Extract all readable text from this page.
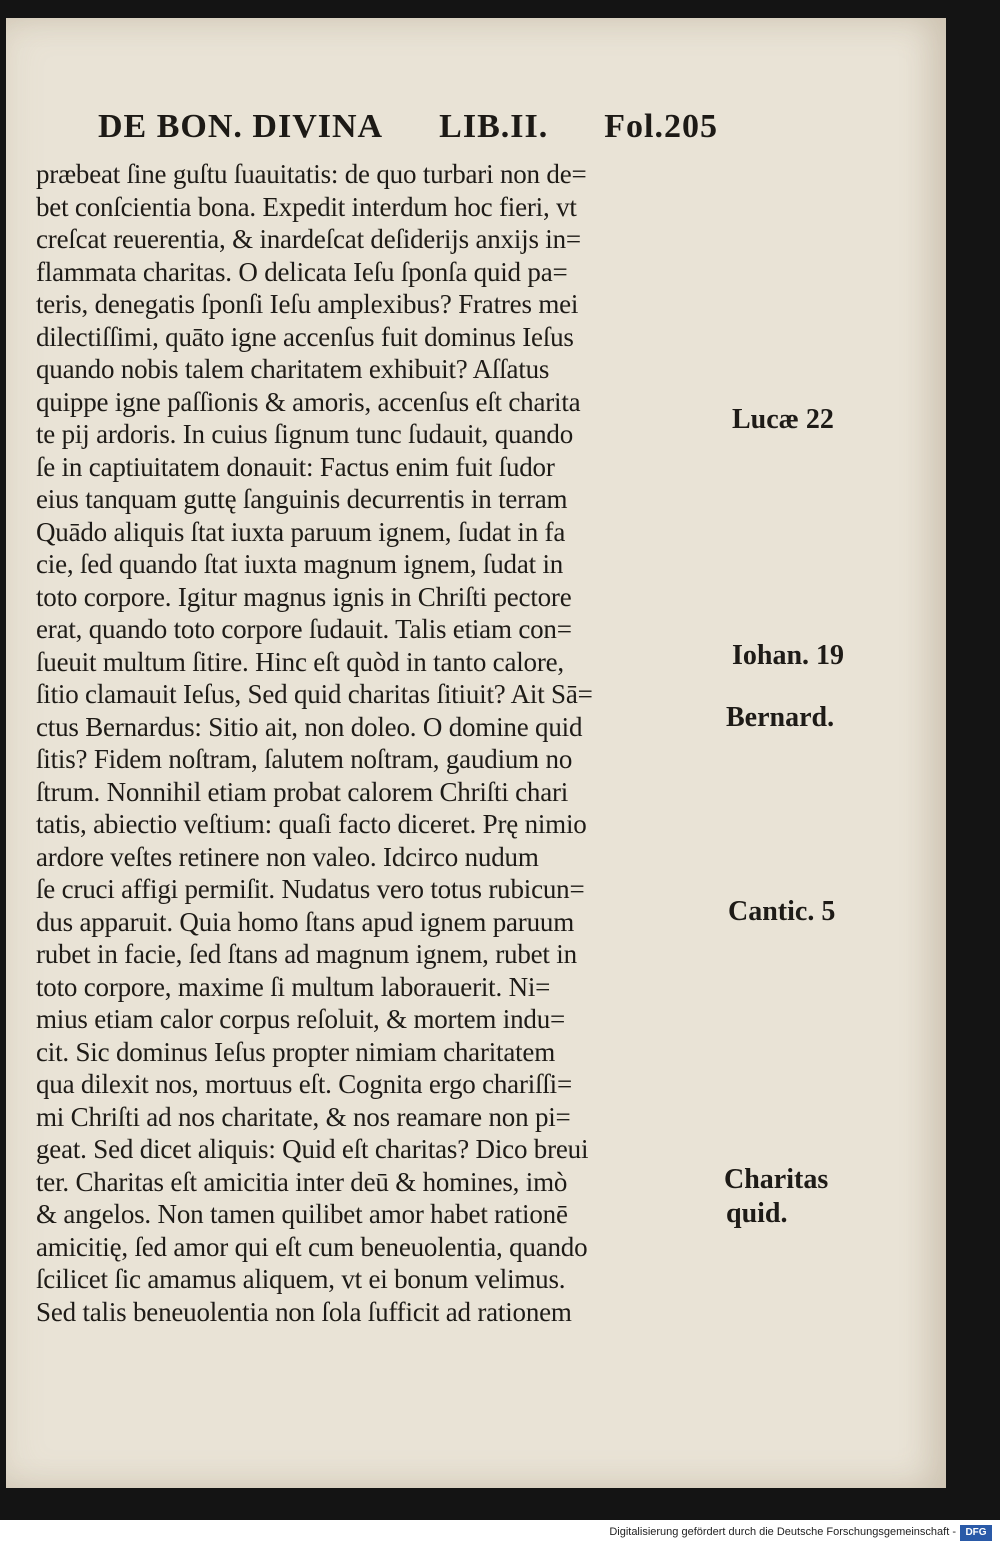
DE BON. DIVINA LIB.II. Fol.205
præbeat ſine guſtu ſuauitatis: de quo turbari non de=
bet conſcientia bona. Expedit interdum hoc fieri, vt
creſcat reuerentia, & inardeſcat deſiderijs anxijs in=
flammata charitas. O delicata Ieſu ſponſa quid pa=
teris, denegatis ſponſi Ieſu amplexibus? Fratres mei
dilectiſſimi, quāto igne accenſus fuit dominus Ieſus
quando nobis talem charitatem exhibuit? Aſſatus
quippe igne paſſionis & amoris, accenſus eſt charita
te pij ardoris. In cuius ſignum tunc ſudauit, quando
ſe in captiuitatem donauit: Factus enim fuit ſudor
eius tanquam guttę ſanguinis decurrentis in terram
Quādo aliquis ſtat iuxta paruum ignem, ſudat in fa
cie, ſed quando ſtat iuxta magnum ignem, ſudat in
toto corpore. Igitur magnus ignis in Chriſti pectore
erat, quando toto corpore ſudauit. Talis etiam con=
ſueuit multum ſitire. Hinc eſt quòd in tanto calore,
ſitio clamauit Ieſus, Sed quid charitas ſitiuit? Ait Sā=
ctus Bernardus: Sitio ait, non doleo. O domine quid
ſitis? Fidem noſtram, ſalutem noſtram, gaudium no
ſtrum. Nonnihil etiam probat calorem Chriſti chari
tatis, abiectio veſtium: quaſi facto diceret. Prę nimio
ardore veſtes retinere non valeo. Idcirco nudum
ſe cruci affigi permiſit. Nudatus vero totus rubicun=
dus apparuit. Quia homo ſtans apud ignem paruum
rubet in facie, ſed ſtans ad magnum ignem, rubet in
toto corpore, maxime ſi multum laborauerit. Ni=
mius etiam calor corpus reſoluit, & mortem indu=
cit. Sic dominus Ieſus propter nimiam charitatem
qua dilexit nos, mortuus eſt. Cognita ergo chariſſi=
mi Chriſti ad nos charitate, & nos reamare non pi=
geat. Sed dicet aliquis: Quid eſt charitas? Dico breui
ter. Charitas eſt amicitia inter deū & homines, imò
& angelos. Non tamen quilibet amor habet rationē
amicitię, ſed amor qui eſt cum beneuolentia, quando
ſcilicet ſic amamus aliquem, vt ei bonum velimus.
Sed talis beneuolentia non ſola ſufficit ad rationem
Lucæ 22
Iohan. 19
Bernard.
Cantic. 5
Charitas
quid.
Digitalisierung gefördert durch die Deutsche Forschungsgemeinschaft - DFG
